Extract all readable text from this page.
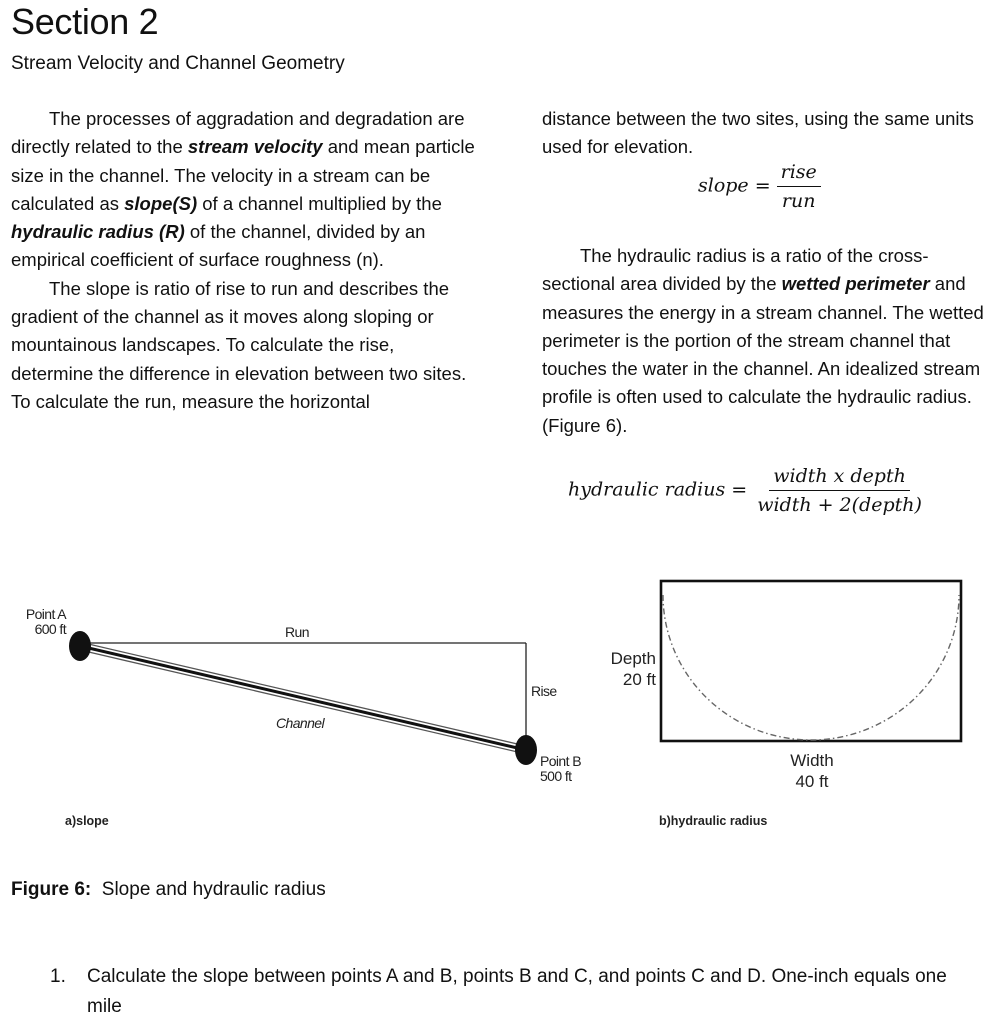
Section 2
Stream Velocity and Channel Geometry

The processes of aggradation and degradation are directly related to the stream velocity and mean particle size in the channel. The velocity in a stream can be calculated as slope(S) of a channel multiplied by the hydraulic radius (R) of the channel, divided by an empirical coefficient of surface roughness (n).

The slope is ratio of rise to run and describes the gradient of the channel as it moves along sloping or mountainous landscapes. To calculate the rise, determine the difference in elevation between two sites. To calculate the run, measure the horizontal

distance between the two sites, using the same units used for elevation.

slope = $\frac{\text{rise}}{\text{run}}$

The hydraulic radius is a ratio of the cross-sectional area divided by the wetted perimeter and measures the energy in a stream channel. The wetted perimeter is the portion of the stream channel that touches the water in the channel. An idealized stream profile is often used to calculate the hydraulic radius. (Figure 6).

hydraulic radius = $\frac{\text{width x depth}}{\text{width + 2(depth)}}$
Point A
600 ft	Run
Rise
Channel
Point B
500 ft
a)slope
Depth
20 ft
Width
40 ft
b)hydraulic radius
Figure 6:  Slope and hydraulic radius
1. Calculate the slope between points A and B, points B and C, and points C and D. One-inch equals one mile
